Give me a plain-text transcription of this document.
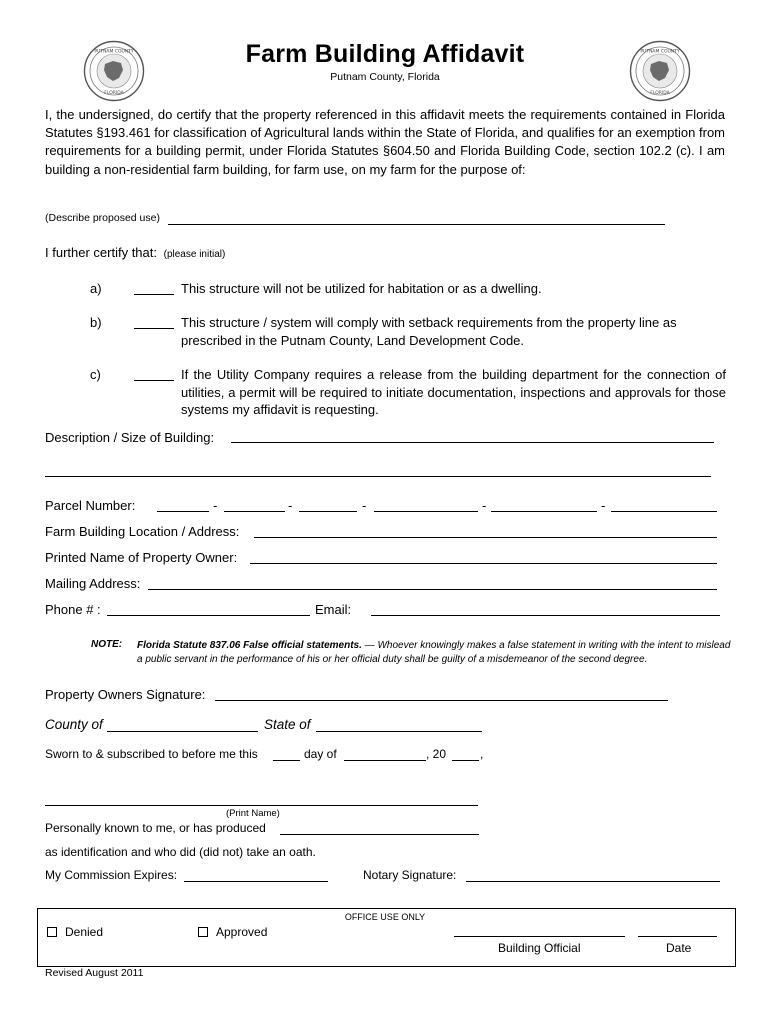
PUTNAM COUNTY
FLORIDA
PUTNAM COUNTY
FLORIDA
Farm Building Affidavit
Putnam County, Florida
I, the undersigned, do certify that the property referenced in this affidavit meets the requirements contained in Florida Statutes §193.461 for classification of Agricultural lands within the State of Florida, and qualifies for an exemption from requirements for a building permit, under Florida Statutes §604.50 and Florida Building Code, section 102.2 (c). I am building a non-residential farm building, for farm use, on my farm for the purpose of:
(Describe proposed use)
I further certify that: (please initial)
a)	This structure will not be utilized for habitation or as a dwelling.
b)	This structure / system will comply with setback requirements from the property line as prescribed in the Putnam County, Land Development Code.
c)	If the Utility Company requires a release from the building department for the connection of utilities, a permit will be required to initiate documentation, inspections and approvals for those systems my affidavit is requesting.
Description / Size of Building:
Parcel Number:	-	-	-	-	-
Farm Building Location / Address:
Printed Name of Property Owner:
Mailing Address:
Phone # :	Email:
NOTE: Florida Statute 837.06 False official statements. — Whoever knowingly makes a false statement in writing with the intent to mislead a public servant in the performance of his or her official duty shall be guilty of a misdemeanor of the second degree.
Property Owners Signature:
County of	State of
Sworn to & subscribed to before me this	day of	, 20	,
(Print Name)
Personally known to me, or has produced
as identification and who did (did not) take an oath.
My Commission Expires:	Notary Signature:
OFFICE USE ONLY
Denied	Approved
Building Official	Date
Revised August 2011
